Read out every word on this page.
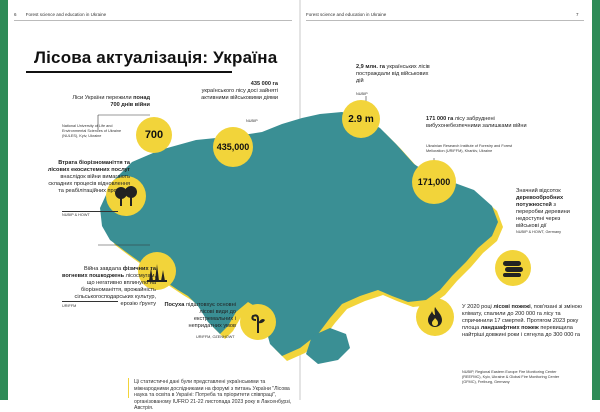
6 Forest science and education in Ukraine	Forest science and education in Ukraine	7
Лісова актуалізація: Україна
700
435,000
2.9 m
171,000
Ліси України пережили понад 700 днів війни
National University of Life and Environmental Sciences of Ukraine (NULES), Kyiv, Ukraine
435 000 га
українського лісу досі зайняті активними військовими діями
NUBIP
2,9 млн. га українських лісів постраждали від військових дій
NUBIP
171 000 га лісу забруднені вибухонебезпечними залишками війни
Ukrainian Research Institute of Forestry and Forest Melioration (URIFFM), Kharkiv, Ukraine
Втрата біорізноманіття та лісових екосистемних послуг внаслідок війни вимагають складних процесів відновлення та реабілітаційних процесів
NUBIP & HOWT
Війна завдала фізичних та вогневих пошкоджень лісосмугам, що негативно вплинуло на біорізноманіття, врожайність сільськогосподарських культур, ерозію ґрунту
URIFFM	Посуха підштовхує основні лісові види до екстремальних і непридатних умов
URIFFM, OZENHOWT
Значний відсоток деревообробних потужностей з переробки деревини недоступні через військові дії
NUBIP & HOWT, Germany
У 2020 році лісові пожежі, пов'язані зі зміною клімату, спалили до 200 000 га лісу та спричинили 17 смертей. Протягом 2023 року площа ландшафтних пожеж перевищила найтріші довжині роки і сягнула до 300 000 га
NUBIP, Regional Eastern Europe Fire Monitoring Center (REEFMC), Kyiv, Ukraine & Global Fire Monitoring Center (GFMC), Freiburg, Germany
Ці статистичні дані були представлені українськими та міжнародними дослідниками на форумі з питань України "Лісова наука та освіта в Україні: Потреба та пріоритети співпраці", організованому IUFRO 21-22 листопада 2023 року в Лаксенбурзі, Австрія.
